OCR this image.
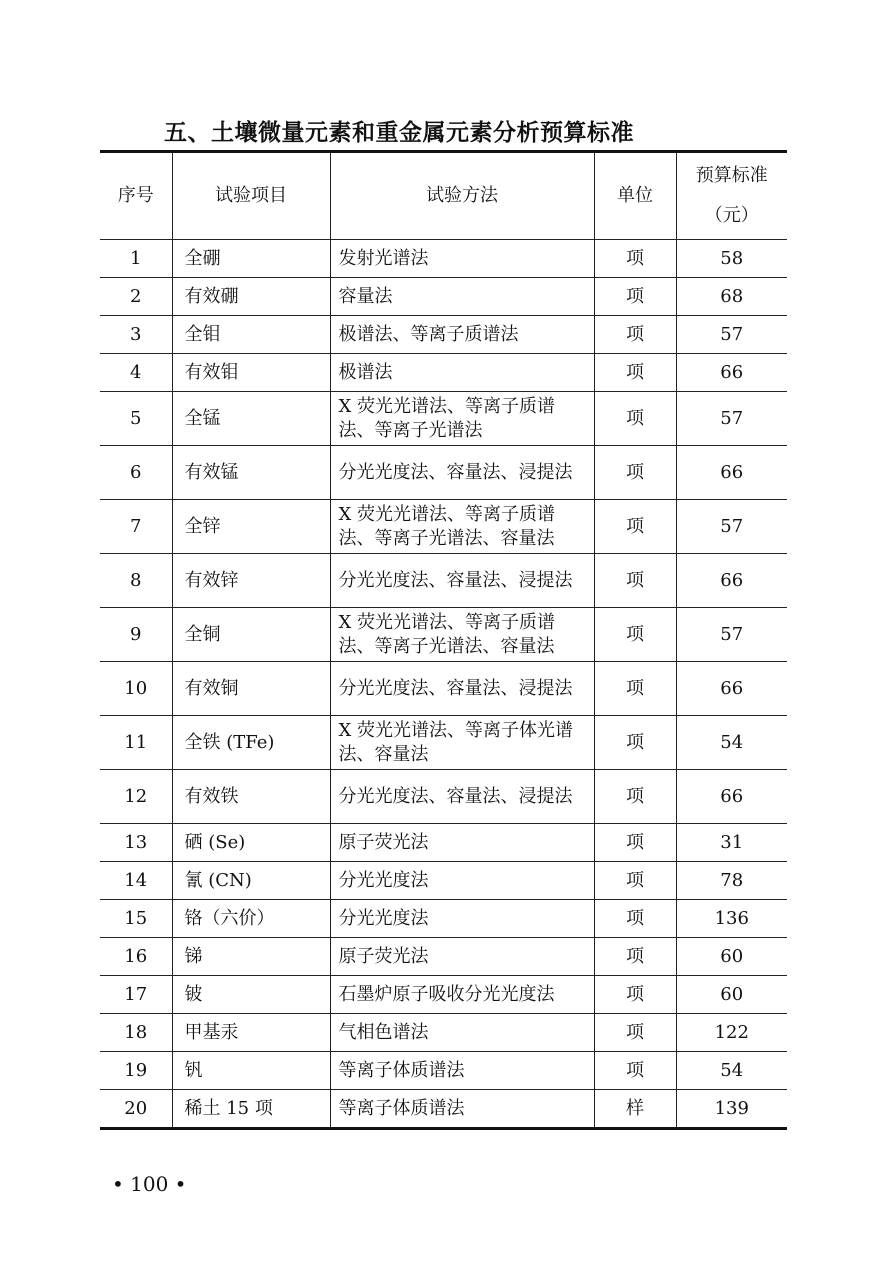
五、土壤微量元素和重金属元素分析预算标准
序号	试验项目	试验方法	单位	预算标准
（元）

1	全硼	发射光谱法	项	58
2	有效硼	容量法	项	68
3	全钼	极谱法、等离子质谱法	项	57
4	有效钼	极谱法	项	66
5	全锰	X 荧光光谱法、等离子质谱法、等离子光谱法	项	57
6	有效锰	分光光度法、容量法、浸提法	项	66
7	全锌	X 荧光光谱法、等离子质谱法、等离子光谱法、容量法	项	57
8	有效锌	分光光度法、容量法、浸提法	项	66
9	全铜	X 荧光光谱法、等离子质谱法、等离子光谱法、容量法	项	57
10	有效铜	分光光度法、容量法、浸提法	项	66
11	全铁 (TFe)	X 荧光光谱法、等离子体光谱法、容量法	项	54
12	有效铁	分光光度法、容量法、浸提法	项	66
13	硒 (Se)	原子荧光法	项	31
14	氰 (CN)	分光光度法	项	78
15	铬（六价）	分光光度法	项	136
16	锑	原子荧光法	项	60
17	铍	石墨炉原子吸收分光光度法	项	60
18	甲基汞	气相色谱法	项	122
19	钒	等离子体质谱法	项	54
20	稀土 15 项	等离子体质谱法	样	139
• 100 •
